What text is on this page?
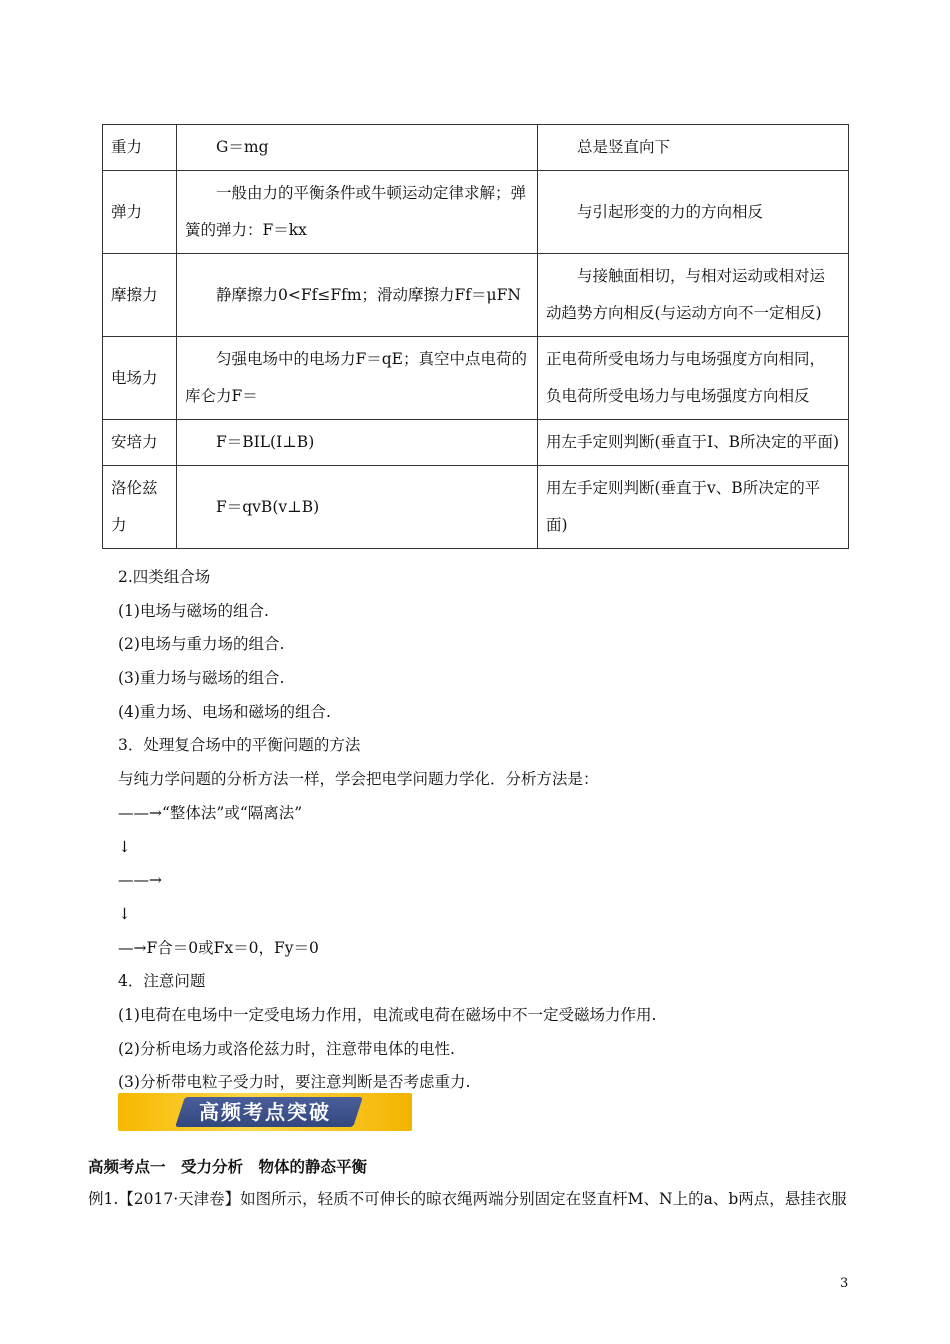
重力	G＝mg	总是竖直向下
弹力	一般由力的平衡条件或牛顿运动定律求解；弹簧的弹力：F＝kx	与引起形变的力的方向相反
摩擦力	静摩擦力0<Ff≤Ffm；滑动摩擦力Ff＝μFN	与接触面相切，与相对运动或相对运动趋势方向相反(与运动方向不一定相反)
电场力	匀强电场中的电场力F＝qE；真空中点电荷的库仑力F＝	正电荷所受电场力与电场强度方向相同，负电荷所受电场力与电场强度方向相反
安培力	F＝BIL(I⊥B)	用左手定则判断(垂直于I、B所决定的平面)
洛伦兹力	F＝qvB(v⊥B)	用左手定则判断(垂直于v、B所决定的平面)
2.四类组合场
(1)电场与磁场的组合.
(2)电场与重力场的组合.
(3)重力场与磁场的组合.
(4)重力场、电场和磁场的组合.
3．处理复合场中的平衡问题的方法
与纯力学问题的分析方法一样，学会把电学问题力学化．分析方法是：
——→“整体法”或“隔离法”
↓
——→
↓
—→F合＝0或Fx＝0，Fy＝0
4．注意问题
(1)电荷在电场中一定受电场力作用，电流或电荷在磁场中不一定受磁场力作用.
(2)分析电场力或洛伦兹力时，注意带电体的电性.
(3)分析带电粒子受力时，要注意判断是否考虑重力.
高频考点突破
高频考点一　受力分析　物体的静态平衡
例1.【2017·天津卷】如图所示，轻质不可伸长的晾衣绳两端分别固定在竖直杆M、N上的a、b两点，悬挂衣服
3
